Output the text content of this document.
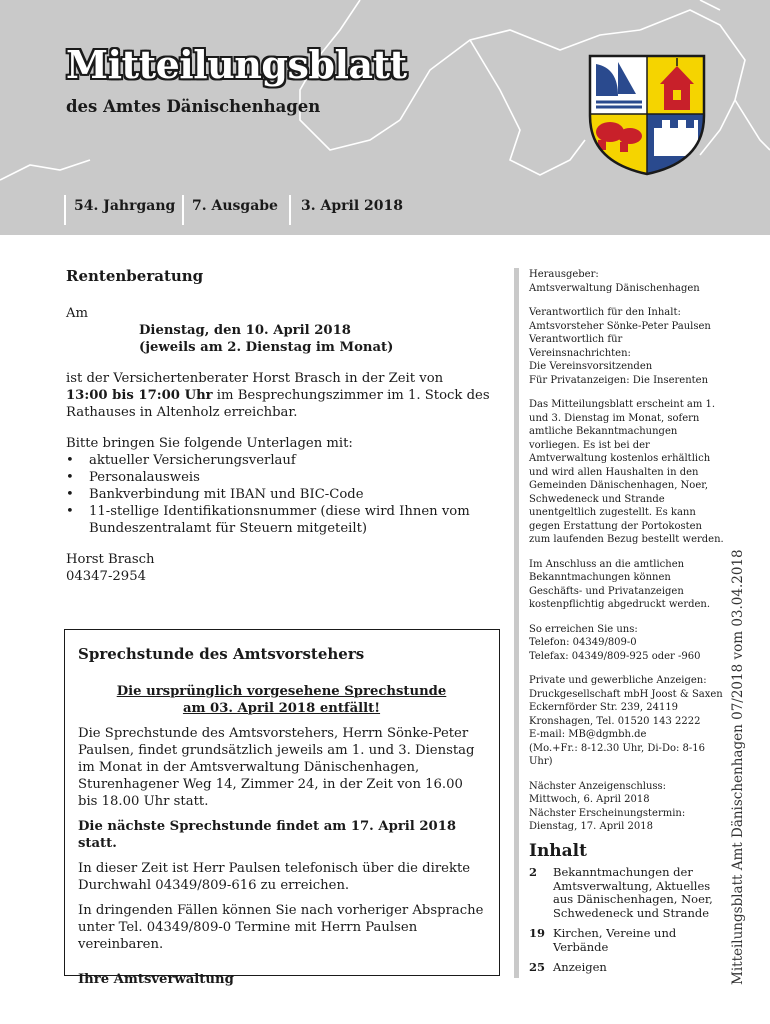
Mitteilungsblatt
des Amtes Dänischenhagen
54. Jahrgang 7. Ausgabe 3. April 2018
Rentenberatung
Am
Dienstag, den 10. April 2018
(jeweils am 2. Dienstag im Monat)
ist der Versichertenberater Horst Brasch in der Zeit von
13:00 bis 17:00 Uhr im Besprechungszimmer im 1. Stock des Rathauses in Altenholz erreichbar.
Bitte bringen Sie folgende Unterlagen mit:
• aktueller Versicherungsverlauf
• Personalausweis
• Bankverbindung mit IBAN und BIC-Code
• 11-stellige Identifikationsnummer (diese wird Ihnen vom Bundeszentralamt für Steuern mitgeteilt)
Horst Brasch
04347-2954
Sprechstunde des Amtsvorstehers
Die ursprünglich vorgesehene Sprechstunde
am 03. April 2018 entfällt!

Die Sprechstunde des Amtsvorstehers, Herrn Sönke-Peter Paulsen, findet grundsätzlich jeweils am 1. und 3. Dienstag im Monat in der Amtsverwaltung Dänischenhagen, Sturenhagener Weg 14, Zimmer 24, in der Zeit von 16.00 bis 18.00 Uhr statt.

Die nächste Sprechstunde findet am 17. April 2018 statt.

In dieser Zeit ist Herr Paulsen telefonisch über die direkte Durchwahl 04349/809-616 zu erreichen.

In dringenden Fällen können Sie nach vorheriger Absprache unter Tel. 04349/809-0 Termine mit Herrn Paulsen vereinbaren.

Ihre Amtsverwaltung

Herausgeber:
Amtsverwaltung Dänischenhagen
Verantwortlich für den Inhalt:
Amtsvorsteher Sönke-Peter Paulsen
Verantwortlich für Vereinsnachrichten:
Die Vereinsvorsitzenden
Für Privatanzeigen: Die Inserenten
Das Mitteilungsblatt erscheint am 1. und 3. Dienstag im Monat, sofern amtliche Bekanntmachungen vorliegen. Es ist bei der Amtverwaltung kostenlos erhältlich und wird allen Haushalten in den Gemeinden Dänischenhagen, Noer, Schwedeneck und Strande unentgeltlich zugestellt. Es kann gegen Erstattung der Portokosten zum laufenden Bezug bestellt werden.
Im Anschluss an die amtlichen Bekanntmachungen können Geschäfts- und Privatanzeigen kostenpflichtig abgedruckt werden.
So erreichen Sie uns:
Telefon: 04349/809-0
Telefax: 04349/809-925 oder -960
Private und gewerbliche Anzeigen:
Druckgesellschaft mbH Joost & Saxen
Eckernförder Str. 239, 24119 Kronshagen, Tel. 01520 143 2222
E-mail: MB@dgmbh.de
(Mo.+Fr.: 8-12.30 Uhr, Di-Do: 8-16 Uhr)
Nächster Anzeigenschluss:
Mittwoch, 6. April 2018
Nächster Erscheinungstermin:
Dienstag, 17. April 2018
Inhalt
2	Bekanntmachungen der Amtsverwaltung, Aktuelles aus Dänischenhagen, Noer, Schwedeneck und Strande
19 Kirchen, Vereine und Verbände
25 Anzeigen	Mitteilungsblatt Amt Dänischenhagen 07/2018 vom 03.04.2018
